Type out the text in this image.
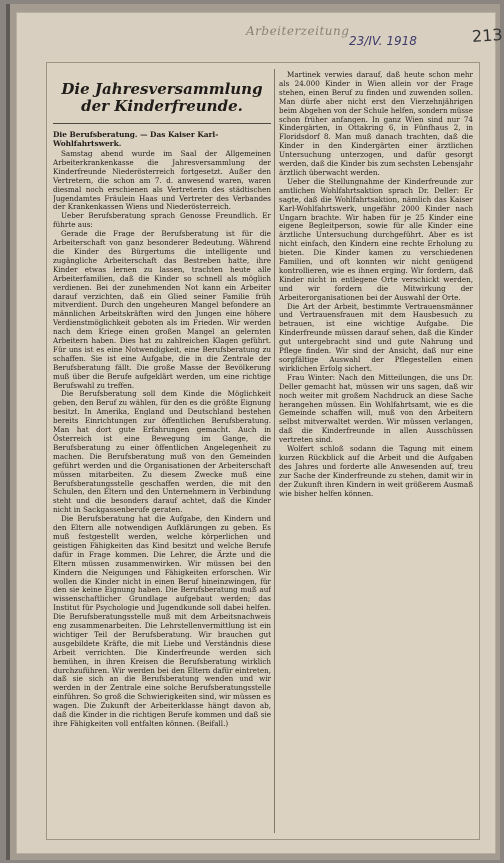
Arbeiterzeitung
23/IV. 1918	213
Die Jahresversammlung
der Kinderfreunde.

Die Berufsberatung. — Das Kaiser Karl-Wohlfahrtswerk.

Samstag abend wurde im Saal der Allgemeinen Arbeiterkrankenkasse die Jahresversammlung der Kinderfreunde Niederösterreich fortgesetzt. Außer den Vertretern, die schon am 7. d. anwesend waren, waren diesmal noch erschienen als Vertreterin des städtischen Jugendamtes Fräulein Haas und Vertreter des Verbandes der Krankenkassen Wiens und Niederösterreich.

Ueber Berufsberatung sprach Genosse Freundlich. Er führte aus:

Gerade die Frage der Berufsberatung ist für die Arbeiterschaft von ganz besonderer Bedeutung. Während die Kinder des Bürgertums die intelligente und zugängliche Arbeiterschaft das Bestreben hatte, ihre Kinder etwas lernen zu lassen, trachten heute alle Arbeiterfamilien, daß die Kinder so schnell als möglich verdienen. Bei der zunehmenden Not kann ein Arbeiter darauf verzichten, daß ein Glied seiner Familie früh mitverdient. Durch den ungeheuren Mangel befondere an männlichen Arbeitskräften wird den Jungen eine höhere Verdienstmöglichkeit geboten als im Frieden. Wir werden nach dem Kriege einen großen Mangel an gelernten Arbeitern haben. Dies hat zu zahlreichen Klagen geführt. Für uns ist es eine Notwendigkeit, eine Berufsberatung zu schaffen. Sie ist eine Aufgabe, die in die Zentrale der Berufsberatung fällt. Die große Masse der Bevölkerung muß über die Berufe aufgeklärt werden, um eine richtige Berufswahl zu treffen.

Die Berufsberatung soll dem Kinde die Möglichkeit geben, den Beruf zu wählen, für den es die größte Eignung besitzt. In Amerika, England und Deutschland bestehen bereits Einrichtungen zur öffentlichen Berufsberatung. Man hat dort gute Erfahrungen gemacht. Auch in Österreich ist eine Bewegung im Gange, die Berufsberatung zu einer öffentlichen Angelegenheit zu machen. Die Berufsberatung muß von den Gemeinden geführt werden und die Organisationen der Arbeiterschaft müssen mitarbeiten. Zu diesem Zwecke muß eine Berufsberatungsstelle geschaffen werden, die mit den Schulen, den Eltern und den Unternehmern in Verbindung steht und die besonders darauf achtet, daß die Kinder nicht in Sackgassenberufe geraten.

Die Berufsberatung hat die Aufgabe, den Kindern und den Eltern alle notwendigen Aufklärungen zu geben. Es muß festgestellt werden, welche körperlichen und geistigen Fähigkeiten das Kind besitzt und welche Berufe dafür in Frage kommen. Die Lehrer, die Ärzte und die Eltern müssen zusammenwirken. Wir müssen bei den Kindern die Neigungen und Fähigkeiten erforschen. Wir wollen die Kinder nicht in einen Beruf hineinzwingen, für den sie keine Eignung haben. Die Berufsberatung muß auf wissenschaftlicher Grundlage aufgebaut werden; das Institut für Psychologie und Jugendkunde soll dabei helfen. Die Berufsberatungsstelle muß mit dem Arbeitsnachweis eng zusammenarbeiten. Die Lehrstellenvermittlung ist ein wichtiger Teil der Berufsberatung. Wir brauchen gut ausgebildete Kräfte, die mit Liebe und Verständnis diese Arbeit verrichten. Die Kinderfreunde werden sich bemühen, in ihren Kreisen die Berufsberatung wirklich durchzuführen. Wir werden bei den Eltern dafür eintreten, daß sie sich an die Berufsberatung wenden und wir werden in der Zentrale eine solche Berufsberatungsstelle einführen. So groß die Schwierigkeiten sind, wir müssen es wagen. Die Zukunft der Arbeiterklasse hängt davon ab, daß die Kinder in die richtigen Berufe kommen und daß sie ihre Fähigkeiten voll entfalten können. (Beifall.)

Martinek verwies darauf, daß heute schon mehr als 24.000 Kinder in Wien allein vor der Frage stehen, einen Beruf zu finden und zuwenden sollen. Man dürfe aber nicht erst den Vierzehnjährigen beim Abgehen von der Schule helfen, sondern müsse schon früher anfangen. In ganz Wien sind nur 74 Kindergärten, in Ottakring 6, in Fünfhaus 2, in Floridsdorf 8. Man muß danach trachten, daß die Kinder in den Kindergärten einer ärztlichen Untersuchung unterzogen, und dafür gesorgt werden, daß die Kinder bis zum sechsten Lebensjahr ärztlich überwacht werden.

Ueber die Stellungnahme der Kinderfreunde zur amtlichen Wohlfahrtsaktion sprach Dr. Deller: Er sagte, daß die Wohlfahrtsaktion, nämlich das Kaiser Karl-Wohlfahrtswerk, ungefähr 2000 Kinder nach Ungarn brachte. Wir haben für je 25 Kinder eine eigene Begleitperson, sowie für alle Kinder eine ärztliche Untersuchung durchgeführt. Aber es ist nicht einfach, den Kindern eine rechte Erholung zu bieten. Die Kinder kamen zu verschiedenen Familien, und oft konnten wir nicht genügend kontrollieren, wie es ihnen erging. Wir fordern, daß Kinder nicht in entlegene Orte verschickt werden, und wir fordern die Mitwirkung der Arbeiterorganisationen bei der Auswahl der Orte.

Die Art der Arbeit, bestimmte Vertrauensmänner und Vertrauensfrauen mit dem Hausbesuch zu betrauen, ist eine wichtige Aufgabe. Die Kinderfreunde müssen darauf sehen, daß die Kinder gut untergebracht sind und gute Nahrung und Pflege finden. Wir sind der Ansicht, daß nur eine sorgfältige Auswahl der Pflegestellen einen wirklichen Erfolg sichert.

Frau Winter: Nach den Mitteilungen, die uns Dr. Deller gemacht hat, müssen wir uns sagen, daß wir noch weiter mit großem Nachdruck an diese Sache herangehen müssen. Ein Wohlfahrtsamt, wie es die Gemeinde schaffen will, muß von den Arbeitern selbst mitverwaltet werden. Wir müssen verlangen, daß die Kinderfreunde in allen Ausschüssen vertreten sind.

Wolfert schloß sodann die Tagung mit einem kurzen Rückblick auf die Arbeit und die Aufgaben des Jahres und forderte alle Anwesenden auf, treu zur Sache der Kinderfreunde zu stehen, damit wir in der Zukunft ihren Kindern in weit größerem Ausmaß wie bisher helfen können.
